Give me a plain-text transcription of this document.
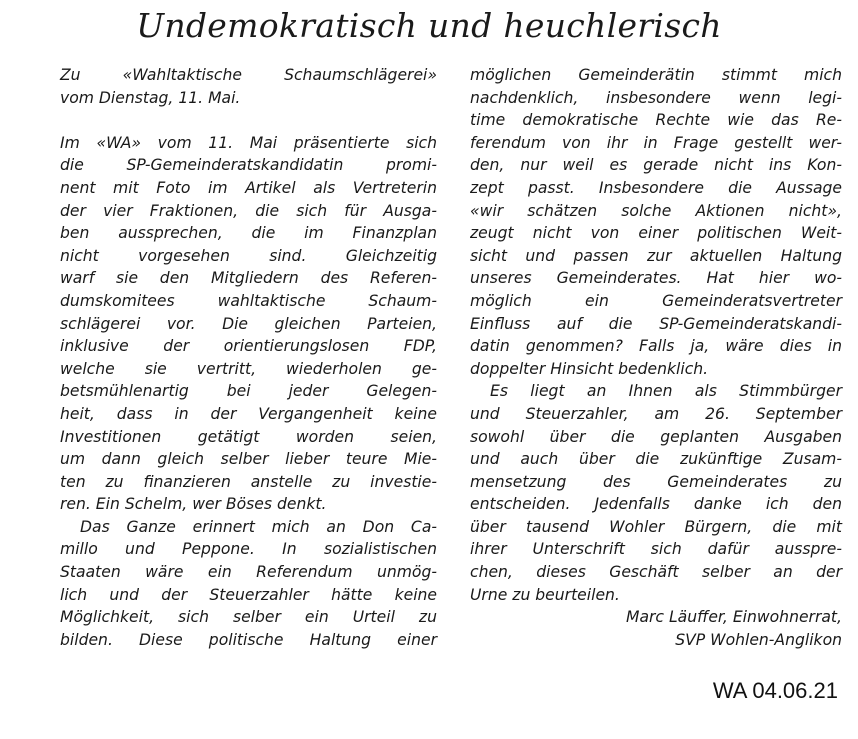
Undemokratisch und heuchlerisch
Zu «Wahltaktische Schaumschlägerei»
vom Dienstag, 11. Mai.
Im «WA» vom 11. Mai präsentierte sich
die SP-Gemeinderatskandidatin promi-
nent mit Foto im Artikel als Vertreterin
der vier Fraktionen, die sich für Ausga-
ben aussprechen, die im Finanzplan
nicht vorgesehen sind. Gleichzeitig
warf sie den Mitgliedern des Referen-
dumskomitees wahltaktische Schaum-
schlägerei vor. Die gleichen Parteien,
inklusive der orientierungslosen FDP,
welche sie vertritt, wiederholen ge-
betsmühlenartig bei jeder Gelegen-
heit, dass in der Vergangenheit keine
Investitionen getätigt worden seien,
um dann gleich selber lieber teure Mie-
ten zu finanzieren anstelle zu investie-
ren. Ein Schelm, wer Böses denkt.
Das Ganze erinnert mich an Don Ca-
millo und Peppone. In sozialistischen
Staaten wäre ein Referendum unmög-
lich und der Steuerzahler hätte keine
Möglichkeit, sich selber ein Urteil zu
bilden. Diese politische Haltung einer
möglichen Gemeinderätin stimmt mich
nachdenklich, insbesondere wenn legi-
time demokratische Rechte wie das Re-
ferendum von ihr in Frage gestellt wer-
den, nur weil es gerade nicht ins Kon-
zept passt. Insbesondere die Aussage
«wir schätzen solche Aktionen nicht»,
zeugt nicht von einer politischen Weit-
sicht und passen zur aktuellen Haltung
unseres Gemeinderates. Hat hier wo-
möglich ein Gemeinderatsvertreter
Einfluss auf die SP-Gemeinderatskandi-
datin genommen? Falls ja, wäre dies in
doppelter Hinsicht bedenklich.
Es liegt an Ihnen als Stimmbürger
und Steuerzahler, am 26. September
sowohl über die geplanten Ausgaben
und auch über die zukünftige Zusam-
mensetzung des Gemeinderates zu
entscheiden. Jedenfalls danke ich den
über tausend Wohler Bürgern, die mit
ihrer Unterschrift sich dafür ausspre-
chen, dieses Geschäft selber an der
Urne zu beurteilen.
Marc Läuffer, Einwohnerrat,
SVP Wohlen-Anglikon
WA 04.06.21
